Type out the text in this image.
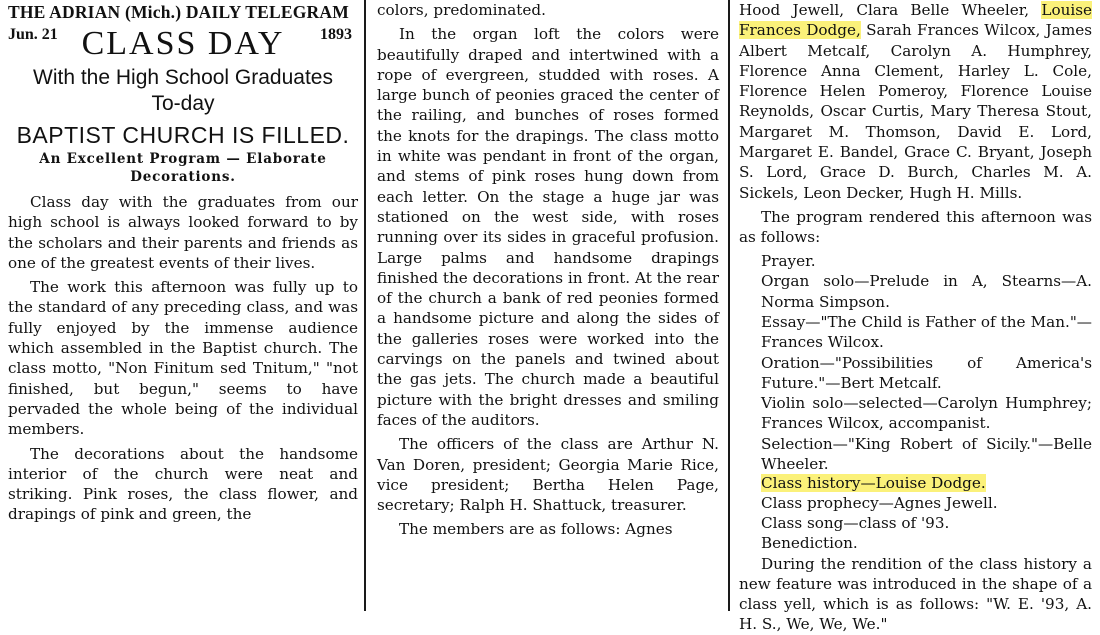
THE ADRIAN (Mich.) DAILY TELEGRAM
Jun. 21	1893
CLASS DAY
With the High School Graduates
To-day
BAPTIST CHURCH IS FILLED.
An Excellent Program — Elaborate Decorations.

Class day with the graduates from our high school is always looked forward to by the scholars and their parents and friends as one of the greatest events of their lives.

The work this afternoon was fully up to the standard of any preceding class, and was fully enjoyed by the immense audience which assembled in the Baptist church. The class motto, "Non Finitum sed Tnitum," "not finished, but begun," seems to have pervaded the whole being of the individual members.

The decorations about the handsome interior of the church were neat and striking. Pink roses, the class flower, and drapings of pink and green, the

colors, predominated.

In the organ loft the colors were beautifully draped and intertwined with a rope of evergreen, studded with roses. A large bunch of peonies graced the center of the railing, and bunches of roses formed the knots for the drapings. The class motto in white was pendant in front of the organ, and stems of pink roses hung down from each letter. On the stage a huge jar was stationed on the west side, with roses running over its sides in graceful profusion. Large palms and handsome drapings finished the decorations in front. At the rear of the church a bank of red peonies formed a handsome picture and along the sides of the galleries roses were worked into the carvings on the panels and twined about the gas jets. The church made a beautiful picture with the bright dresses and smiling faces of the auditors.

The officers of the class are Arthur N. Van Doren, president; Georgia Marie Rice, vice president; Bertha Helen Page, secretary; Ralph H. Shattuck, treasurer.

The members are as follows: Agnes

Hood Jewell, Clara Belle Wheeler, Louise Frances Dodge, Sarah Frances Wilcox, James Albert Metcalf, Carolyn A. Humphrey, Florence Anna Clement, Harley L. Cole, Florence Helen Pomeroy, Florence Louise Reynolds, Oscar Curtis, Mary Theresa Stout, Margaret M. Thomson, David E. Lord, Margaret E. Bandel, Grace C. Bryant, Joseph S. Lord, Grace D. Burch, Charles M. A. Sickels, Leon Decker, Hugh H. Mills.

The program rendered this afternoon was as follows:

Prayer.
Organ solo—Prelude in A, Stearns—A. Norma Simpson.
Essay—"The Child is Father of the Man."—Frances Wilcox.
Oration—"Possibilities of America's Future."—Bert Metcalf.
Violin solo—selected—Carolyn Humphrey; Frances Wilcox, accompanist.
Selection—"King Robert of Sicily."—Belle Wheeler.
Class history—Louise Dodge.
Class prophecy—Agnes Jewell.
Class song—class of '93.
Benediction.

During the rendition of the class history a new feature was introduced in the shape of a class yell, which is as follows: "W. E. '93, A. H. S., We, We, We."
